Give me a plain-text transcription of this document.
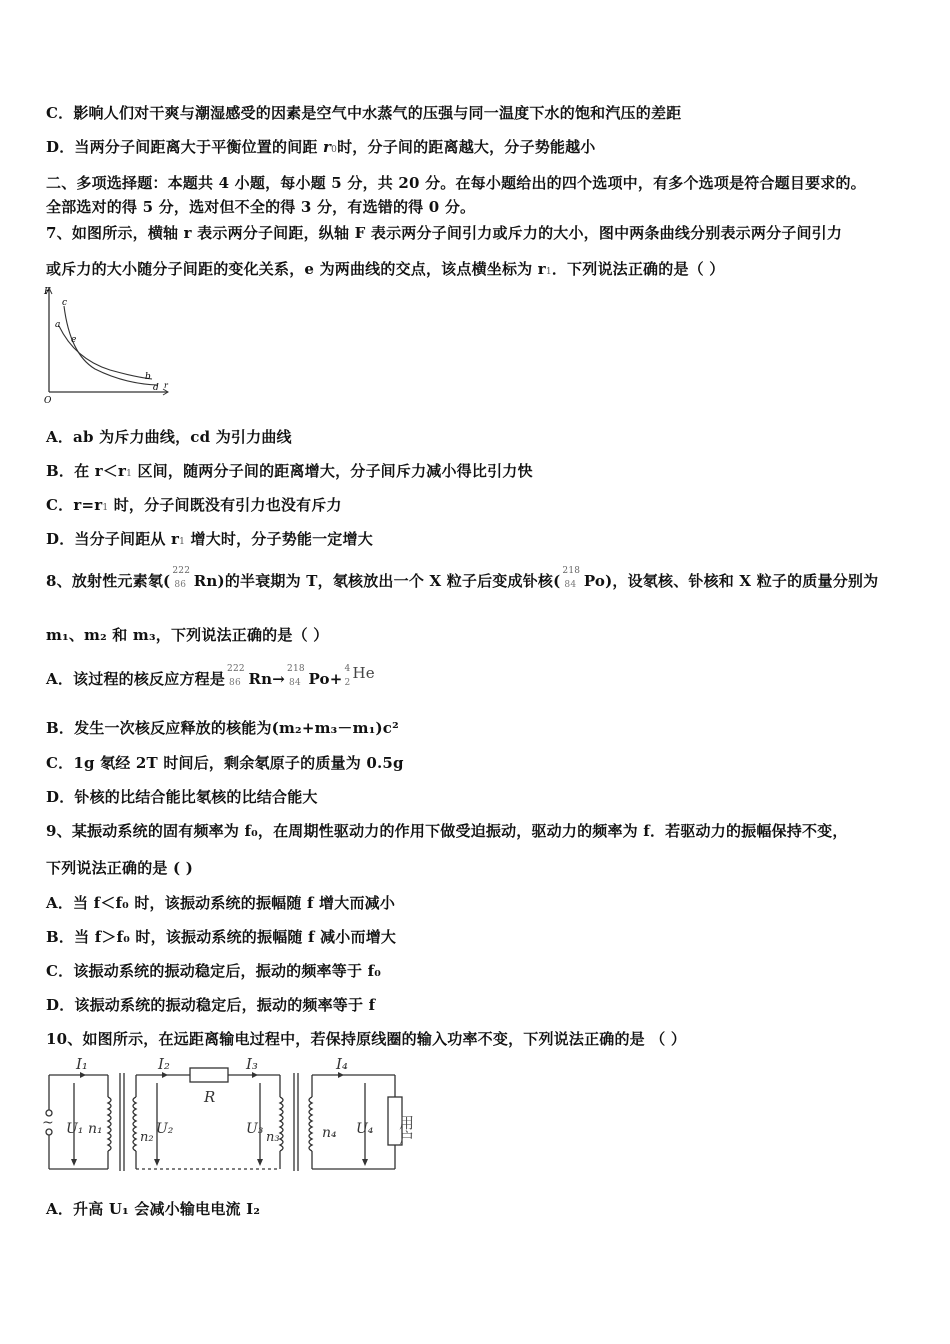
C．影响人们对干爽与潮湿感受的因素是空气中水蒸气的压强与同一温度下水的饱和汽压的差距
D．当两分子间距离大于平衡位置的间距 r0时，分子间的距离越大，分子势能越小
二、多项选择题：本题共 4 小题，每小题 5 分，共 20 分。在每小题给出的四个选项中，有多个选项是符合题目要求的。
全部选对的得 5 分，选对但不全的得 3 分，有选错的得 0 分。
7、如图所示，横轴 r 表示两分子间距，纵轴 F 表示两分子间引力或斥力的大小，图中两条曲线分别表示两分子间引力
或斥力的大小随分子间距的变化关系，e 为两曲线的交点，该点横坐标为 r1．下列说法正确的是（ ）
F
c
a
e
b
d r
O
A．ab 为斥力曲线，cd 为引力曲线
B．在 r＜r1 区间，随两分子间的距离增大，分子间斥力减小得比引力快
C．r=r1 时，分子间既没有引力也没有斥力
D．当分子间距从 r1 增大时，分子势能一定增大
8、放射性元素氡(
222
86 Rn)的半衰期为 T，氡核放出一个 X 粒子后变成钋核(
218
84 Po)，设氡核、钋核和 X 粒子的质量分别为
m₁、m₂ 和 m₃，下列说法正确的是（ ）
A．该过程的核反应方程是
222
86 Rn→
218
84 Po+
4
2
He
B．发生一次核反应释放的核能为(m₂+m₃－m₁)c²
C．1g 氡经 2T 时间后，剩余氡原子的质量为 0.5g
D．钋核的比结合能比氡核的比结合能大
9、某振动系统的固有频率为 f₀，在周期性驱动力的作用下做受迫振动，驱动力的频率为 f．若驱动力的振幅保持不变，
下列说法正确的是 ( )
A．当 f＜f₀ 时，该振动系统的振幅随 f 增大而减小
B．当 f＞f₀ 时，该振动系统的振幅随 f 减小而增大
C．该振动系统的振动稳定后，振动的频率等于 f₀
D．该振动系统的振动稳定后，振动的频率等于 f
10、如图所示，在远距离输电过程中，若保持原线圈的输入功率不变，下列说法正确的是 （ ）
I₁	I₂	I₃	I₄
R
U₁ n₁
n₂
U₂	U₃
n₃	n₄ U₄
~	用户
A．升高 U₁ 会减小输电电流 I₂
